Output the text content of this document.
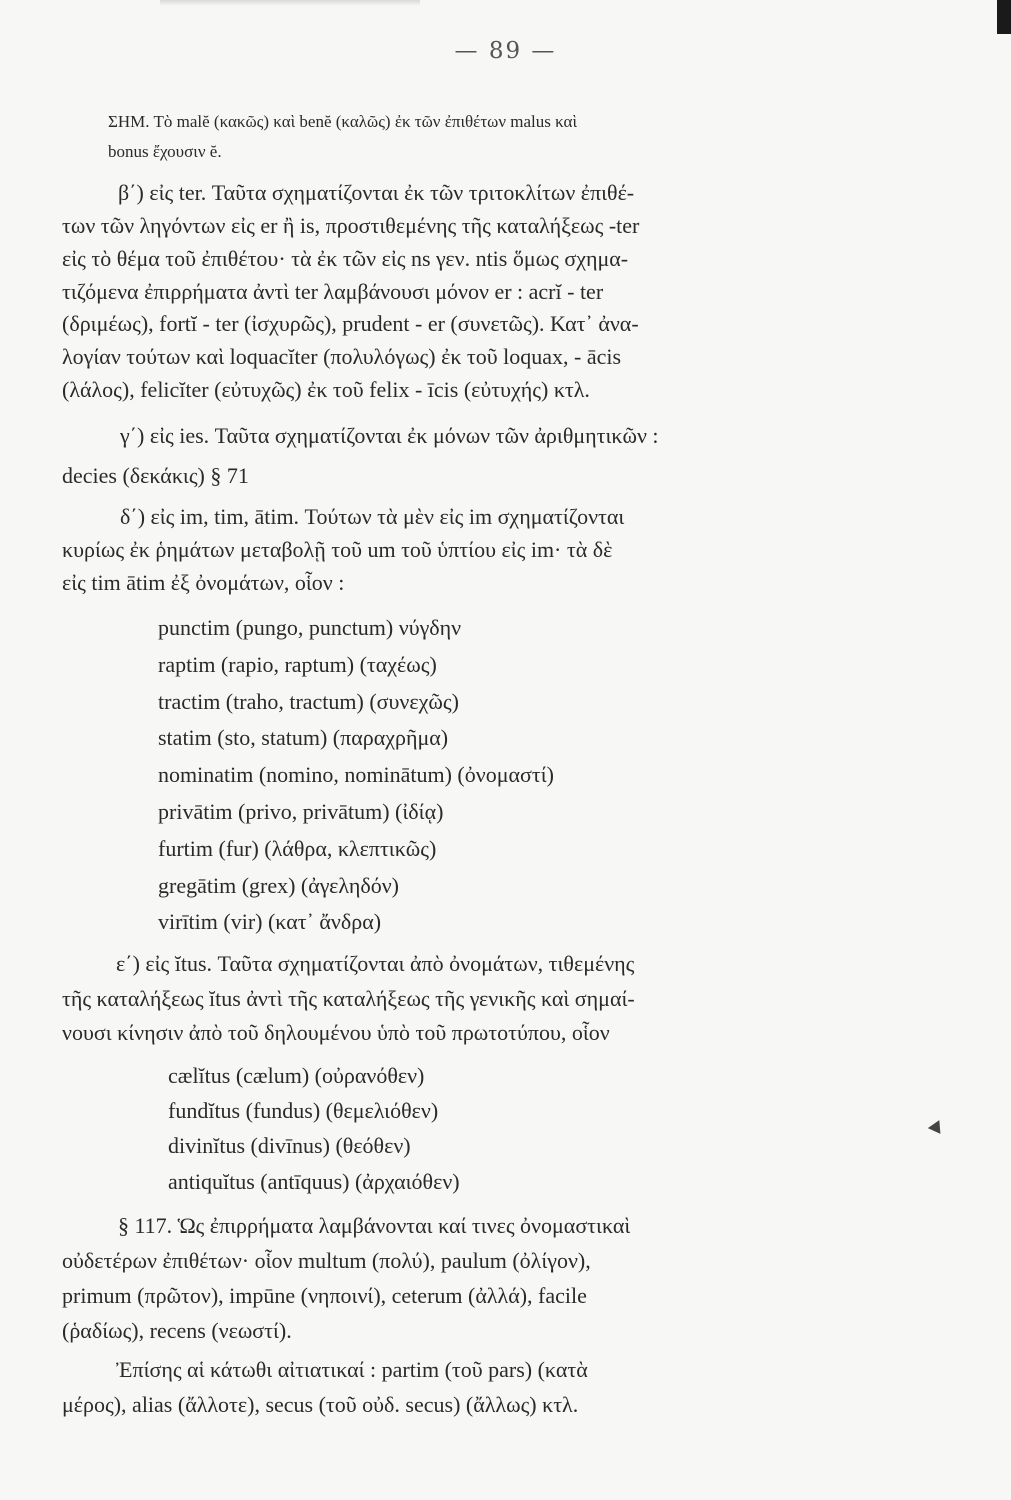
— 89 —
ΣΗΜ. Τὸ malĕ (κακῶς) καὶ benĕ (καλῶς) ἐκ τῶν ἐπιθέτων malus καὶ
bonus ἔχουσιν ĕ.
β΄) εἰς ter. Ταῦτα σχηματίζονται ἐκ τῶν τριτοκλίτων ἐπιθέ-
των τῶν ληγόντων εἰς er ἢ is, προστιθεμένης τῆς καταλήξεως -ter
εἰς τὸ θέμα τοῦ ἐπιθέτου· τὰ ἐκ τῶν εἰς ns γεν. ntis ὅμως σχημα-
τιζόμενα ἐπιρρήματα ἀντὶ ter λαμβάνουσι μόνον er : acrĭ - ter
(δριμέως), fortĭ - ter (ἰσχυρῶς), prudent - er (συνετῶς). Κατ᾿ ἀνα-
λογίαν τούτων καὶ loquacĭter (πολυλόγως) ἐκ τοῦ loquax, - ācis
(λάλος), felicĭter (εὐτυχῶς) ἐκ τοῦ felix - īcis (εὐτυχής) κτλ.
γ΄) εἰς ies. Ταῦτα σχηματίζονται ἐκ μόνων τῶν ἀριθμητικῶν :
decies (δεκάκις) § 71
δ΄) εἰς im, tim, ātim. Τούτων τὰ μὲν εἰς im σχηματίζονται
κυρίως ἐκ ῥημάτων μεταβολῇ τοῦ um τοῦ ὑπτίου εἰς im· τὰ δὲ
εἰς tim ātim ἐξ ὀνομάτων, οἷον :
punctim (pungo, punctum) νύγδην
raptim (rapio, raptum) (ταχέως)
tractim (traho, tractum) (συνεχῶς)
statim (sto, statum) (παραχρῆμα)
nominatim (nomino, nominātum) (ὀνομαστί)
privātim (privo, privātum) (ἰδίᾳ)
furtim (fur) (λάθρα, κλεπτικῶς)
gregātim (grex) (ἀγεληδόν)
virītim (vir) (κατ᾿ ἄνδρα)
ε΄) εἰς ĭtus. Ταῦτα σχηματίζονται ἀπὸ ὀνομάτων, τιθεμένης
τῆς καταλήξεως ĭtus ἀντὶ τῆς καταλήξεως τῆς γενικῆς καὶ σημαί-
νουσι κίνησιν ἀπὸ τοῦ δηλουμένου ὑπὸ τοῦ πρωτοτύπου, οἷον
cælĭtus (cælum) (οὐρανόθεν)
fundĭtus (fundus) (θεμελιόθεν)
divinĭtus (divīnus) (θεόθεν)
antiquĭtus (antīquus) (ἀρχαιόθεν)
§ 117. Ὡς ἐπιρρήματα λαμβάνονται καί τινες ὀνομαστικαὶ
οὐδετέρων ἐπιθέτων· οἷον multum (πολύ), paulum (ὀλίγον),
primum (πρῶτον), impūne (νηποινί), ceterum (ἀλλά), facile
(ῥαδίως), recens (νεωστί).
Ἐπίσης αἱ κάτωθι αἰτιατικαί : partim (τοῦ pars) (κατὰ
μέρος), alias (ἄλλοτε), secus (τοῦ οὐδ. secus) (ἄλλως) κτλ.
